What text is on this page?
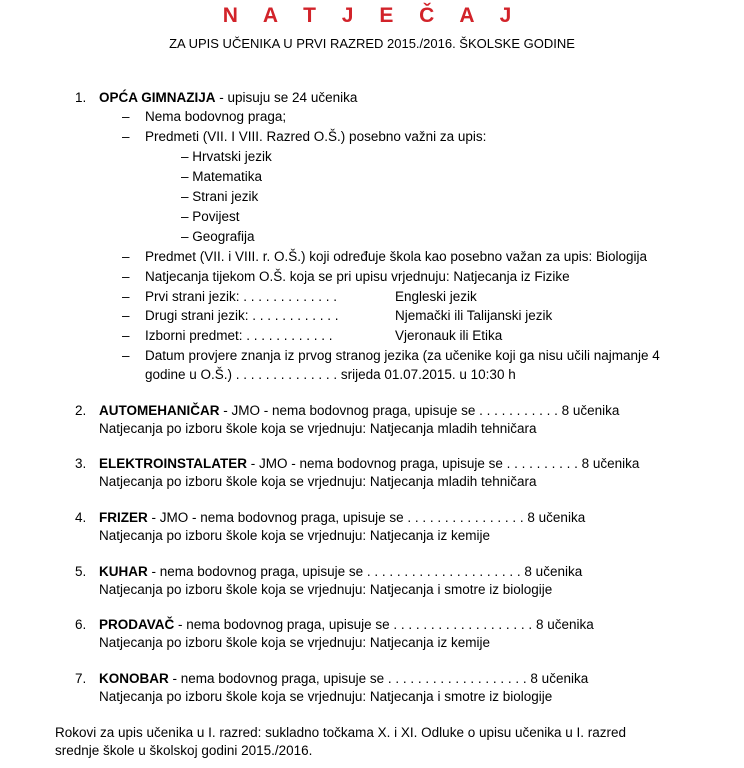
N A T J E Č A J
ZA UPIS UČENIKA U PRVI RAZRED 2015./2016. ŠKOLSKE GODINE
1. OPĆA GIMNAZIJA - upisuju se 24 učenika
– Nema bodovnog praga;
– Predmeti (VII. I VIII. Razred O.Š.) posebno važni za upis:
– Hrvatski jezik
– Matematika
– Strani jezik
– Povijest
– Geografija
– Predmet (VII. i VIII. r. O.Š.) koji određuje škola kao posebno važan za upis: Biologija
– Natjecanja tijekom O.Š. koja se pri upisu vrjednuju: Natjecanja iz Fizike
– Prvi strani jezik: . . . . . . . . . . . . .	Engleski jezik
– Drugi strani jezik: . . . . . . . . . . . .	Njemački ili Talijanski jezik
– Izborni predmet: . . . . . . . . . . . .	Vjeronauk ili Etika
– Datum provjere znanja iz prvog stranog jezika (za učenike koji ga nisu učili najmanje 4
godine u O.Š.) . . . . . . . . . . . . . . srijeda 01.07.2015. u 10:30 h
2. AUTOMEHANIČAR - JMO - nema bodovnog praga, upisuje se . . . . . . . . . . . 8 učenika
Natjecanja po izboru škole koja se vrjednuju: Natjecanja mladih tehničara
3. ELEKTROINSTALATER - JMO - nema bodovnog praga, upisuje se . . . . . . . . . . 8 učenika
Natjecanja po izboru škole koja se vrjednuju: Natjecanja mladih tehničara
4. FRIZER - JMO - nema bodovnog praga, upisuje se . . . . . . . . . . . . . . . . 8 učenika
Natjecanja po izboru škole koja se vrjednuju: Natjecanja iz kemije
5. KUHAR - nema bodovnog praga, upisuje se . . . . . . . . . . . . . . . . . . . . . 8 učenika
Natjecanja po izboru škole koja se vrjednuju: Natjecanja i smotre iz biologije
6. PRODAVAČ - nema bodovnog praga, upisuje se . . . . . . . . . . . . . . . . . . . 8 učenika
Natjecanja po izboru škole koja se vrjednuju: Natjecanja iz kemije
7. KONOBAR - nema bodovnog praga, upisuje se . . . . . . . . . . . . . . . . . . . 8 učenika
Natjecanja po izboru škole koja se vrjednuju: Natjecanja i smotre iz biologije
Rokovi za upis učenika u I. razred: sukladno točkama X. i XI. Odluke o upisu učenika u I. razred
srednje škole u školskoj godini 2015./2016.
